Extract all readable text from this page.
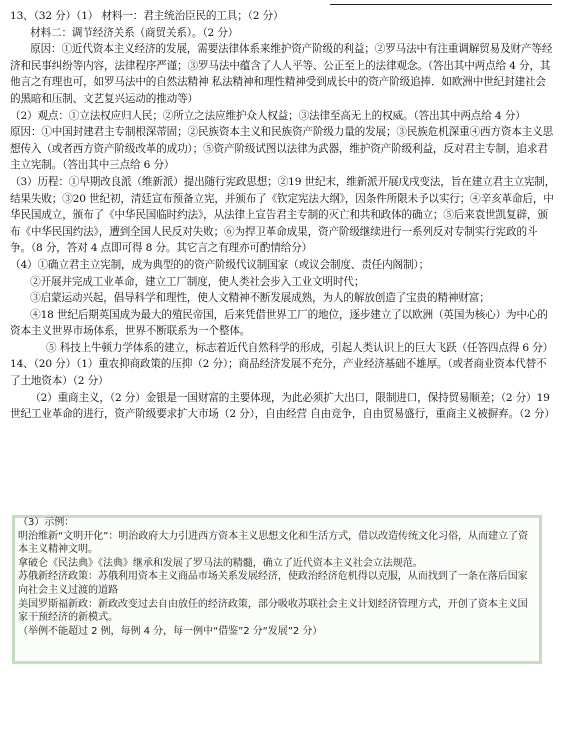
13、（32 分）（1） 材料一：君主统治臣民的工具；（2 分）

材料二：调节经济关系（商贸关系）。（2 分）

原因：①近代资本主义经济的发展，需要法律体系来维护资产阶级的利益；②罗马法中有注重调解贸易及财产等经济和民事纠纷等内容，法律程序严谨；③罗马法中蕴含了人人平等、公正至上的法律观念。（答出其中两点给 4 分，其他言之有理也可，如罗马法中的自然法精神 私法精神和理性精神受到成长中的资产阶级追捧．如欧洲中世纪封建社会的黑暗和压制、文艺复兴运动的推动等）

（2）观点：①立法权应归人民；②所立之法应维护众人权益；③法律至高无上的权威。（答出其中两点给 4 分）

原因：①中国封建君主专制根深蒂固；②民族资本主义和民族资产阶级力量的发展；③民族危机深重④西方资本主义思想传入（或者西方资产阶级改革的成功）；⑤资产阶级试图以法律为武器，维护资产阶级利益，反对君主专制，追求君主立宪制。（答出其中三点给 6 分）

（3）历程：①早期改良派（维新派）提出随行宪政思想；②19 世纪末，维新派开展戊戌变法，旨在建立君主立宪制，结果失败；③20 世纪初，清廷宣布预备立宪，并颁布了《钦定宪法大纲》，因条件所限未予以实行；④辛亥革命后，中华民国成立，颁布了《中华民国临时约法》，从法律上宣告君主专制的灭亡和共和政体的确立；⑤后来袁世凯复辟，颁布《中华民国约法》，遭到全国人民反对失败；⑥为捍卫革命成果，资产阶级继续进行一系列反对专制实行宪政的斗争。（8 分，答对 4 点即可得 8 分。其它言之有理亦可酌情给分）

（4）①确立君主立宪制，成为典型的的资产阶级代议制国家（或议会制度、责任内阁制）；

②开展并完成工业革命，建立工厂制度，使人类社会步入工业文明时代；

③启蒙运动兴起，倡导科学和理性，使人文精神不断发展成熟，为人的解放创造了宝贵的精神财富；

④18 世纪后期英国成为最大的殖民帝国，后来凭借世界工厂的地位，逐步建立了以欧洲（英国为核心）为中心的资本主义世界市场体系，世界不断联系为一个整体。

⑤ 科技上牛顿力学体系的建立，标志着近代自然科学的形成，引起人类认识上的巨大飞跃（任答四点得 6 分）

14、（20 分）（1）重农抑商政策的压抑（2 分）；商品经济发展不充分，产业经济基础不雄厚。（或者商业资本代替不了土地资本）（2 分）

（2）重商主义，（2 分）金银是一国财富的主要体现，为此必须扩大出口，限制进口，保持贸易顺差；（2 分）19 世纪工业革命的进行，资产阶级要求扩大市场（2 分），自由经营 自由竞争，自由贸易盛行，重商主义被摒弃。（2 分）

（3）示例：

明治维新“文明开化”：明治政府大力引进西方资本主义思想文化和生活方式，借以改造传统文化习俗，从而建立了资本主义精神文明。

拿破仑《民法典》《法典》继承和发展了罗马法的精髓，确立了近代资本主义社会立法规范。

苏俄新经济政策：苏俄利用资本主义商品市场关系发展经济，使政治经济危机得以克服，从而找到了一条在落后国家向社会主义过渡的道路

美国罗斯福新政：新政改变过去自由放任的经济政策，部分吸收苏联社会主义计划经济管理方式，开创了资本主义国家干预经济的新模式。

（举例不能超过 2 例，每例 4 分，每一例中“借鉴”2 分“发展”2 分）
